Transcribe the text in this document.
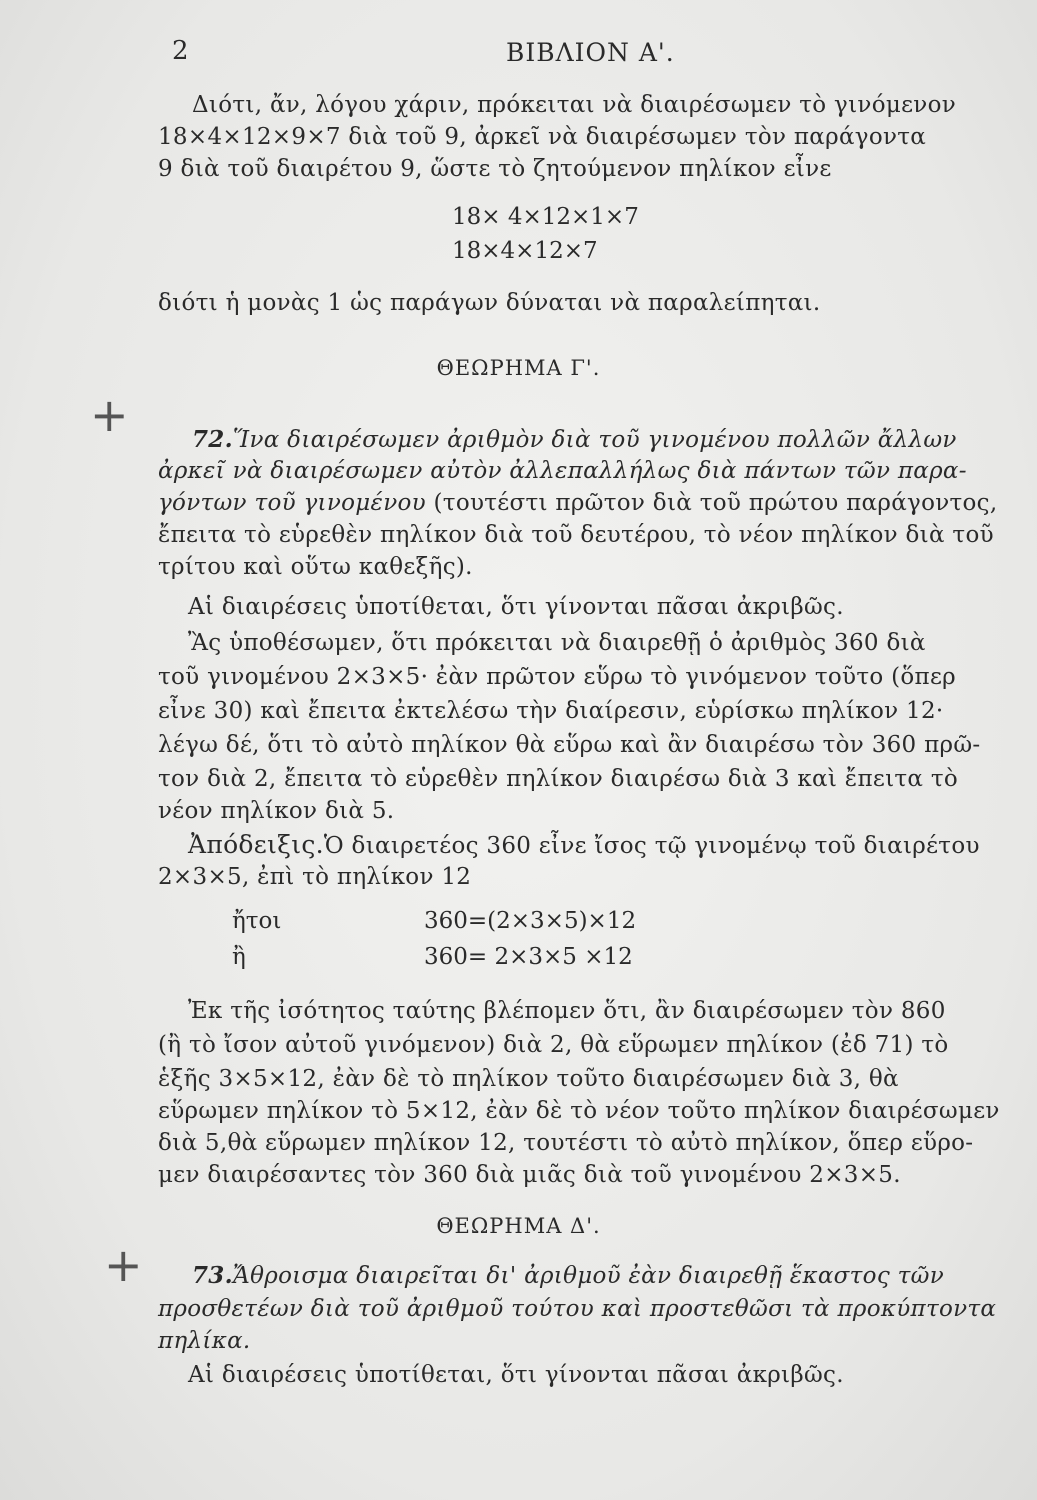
2	ΒΙΒΛΙΟΝ Α'.
Διότι, ἄν, λόγου χάριν, πρόκειται νὰ διαιρέσωμεν τὸ γινόμενον
18×4×12×9×7 διὰ τοῦ 9, ἀρκεῖ νὰ διαιρέσωμεν τὸν παράγοντα
9 διὰ τοῦ διαιρέτου 9, ὥστε τὸ ζητούμενον πηλίκον εἶνε
18× 4×12×1×7
18×4×12×7
διότι ἡ μονὰς 1 ὡς παράγων δύναται νὰ παραλείπηται.
ΘΕΩΡΗΜΑ Γ'.
+	72.Ἵνα διαιρέσωμεν ἀριθμὸν διὰ τοῦ γινομένου πολλῶν ἄλλων
ἀρκεῖ νὰ διαιρέσωμεν αὐτὸν ἀλλεπαλλήλως διὰ πάντων τῶν παρα-
γόντων τοῦ γινομένου (τουτέστι πρῶτον διὰ τοῦ πρώτου παράγοντος,
ἔπειτα τὸ εὑρεθὲν πηλίκον διὰ τοῦ δευτέρου, τὸ νέον πηλίκον διὰ τοῦ
τρίτου καὶ οὕτω καθεξῆς).
Αἱ διαιρέσεις ὑποτίθεται, ὅτι γίνονται πᾶσαι ἀκριβῶς.
Ἂς ὑποθέσωμεν, ὅτι πρόκειται νὰ διαιρεθῇ ὁ ἀριθμὸς 360 διὰ
τοῦ γινομένου 2×3×5· ἐὰν πρῶτον εὕρω τὸ γινόμενον τοῦτο (ὅπερ
εἶνε 30) καὶ ἔπειτα ἐκτελέσω τὴν διαίρεσιν, εὑρίσκω πηλίκον 12·
λέγω δέ, ὅτι τὸ αὐτὸ πηλίκον θὰ εὕρω καὶ ἂν διαιρέσω τὸν 360 πρῶ-
τον διὰ 2, ἔπειτα τὸ εὑρεθὲν πηλίκον διαιρέσω διὰ 3 καὶ ἔπειτα τὸ
νέον πηλίκον διὰ 5.
Ἀπόδειξις.Ὁ διαιρετέος 360 εἶνε ἴσος τῷ γινομένῳ τοῦ διαιρέτου
2×3×5, ἐπὶ τὸ πηλίκον 12
ἤτοι	360=(2×3×5)×12
ἢ	360= 2×3×5 ×12
Ἐκ τῆς ἰσότητος ταύτης βλέπομεν ὅτι, ἂν διαιρέσωμεν τὸν 860
(ἢ τὸ ἴσον αὐτοῦ γινόμενον) διὰ 2, θὰ εὕρωμεν πηλίκον (ἐδ 71) τὸ
ἑξῆς 3×5×12, ἐὰν δὲ τὸ πηλίκον τοῦτο διαιρέσωμεν διὰ 3, θὰ
εὕρωμεν πηλίκον τὸ 5×12, ἐὰν δὲ τὸ νέον τοῦτο πηλίκον διαιρέσωμεν
διὰ 5,θὰ εὕρωμεν πηλίκον 12, τουτέστι τὸ αὐτὸ πηλίκον, ὅπερ εὕρο-
μεν διαιρέσαντες τὸν 360 διὰ μιᾶς διὰ τοῦ γινομένου 2×3×5.
ΘΕΩΡΗΜΑ Δ'.
+ 73.Ἄθροισμα διαιρεῖται δι' ἀριθμοῦ ἐὰν διαιρεθῇ ἕκαστος τῶν
προσθετέων διὰ τοῦ ἀριθμοῦ τούτου καὶ προστεθῶσι τὰ προκύπτοντα
πηλίκα.
Αἱ διαιρέσεις ὑποτίθεται, ὅτι γίνονται πᾶσαι ἀκριβῶς.
